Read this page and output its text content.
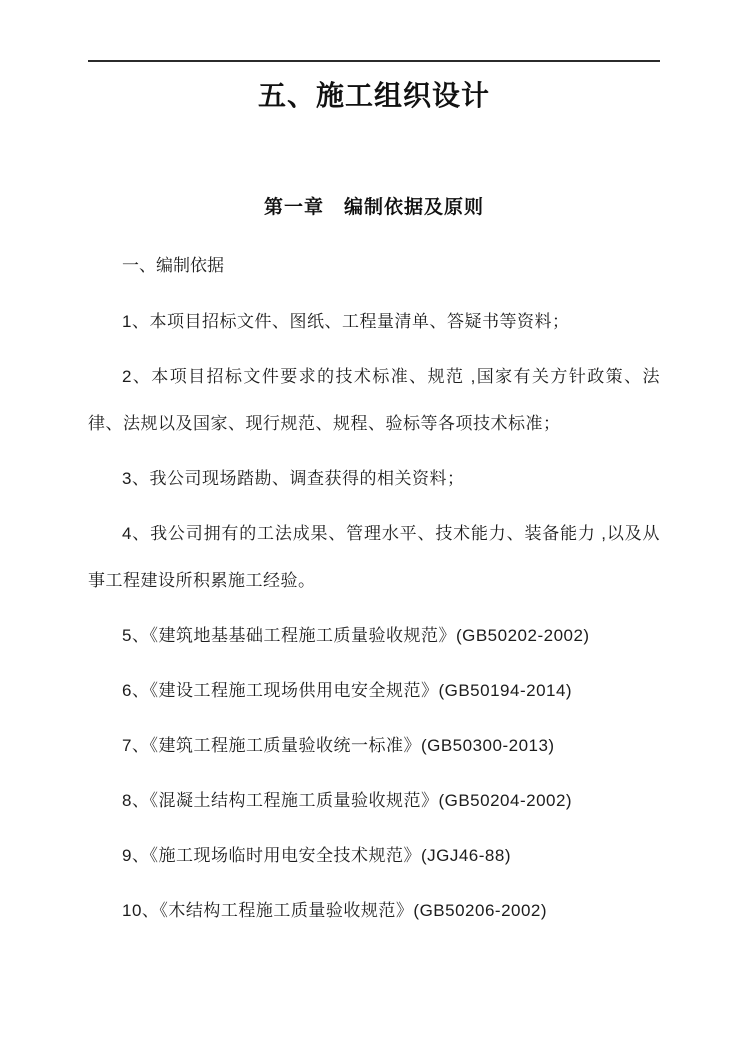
五、施工组织设计
第一章　编制依据及原则

一、编制依据

1、本项目招标文件、图纸、工程量清单、答疑书等资料；

2、本项目招标文件要求的技术标准、规范 ,国家有关方针政策、法律、法规以及国家、现行规范、规程、验标等各项技术标准；

3、我公司现场踏勘、调查获得的相关资料；

4、我公司拥有的工法成果、管理水平、技术能力、装备能力 ,以及从事工程建设所积累施工经验。

5、《建筑地基基础工程施工质量验收规范》(GB50202-2002)

6、《建设工程施工现场供用电安全规范》(GB50194-2014)

7、《建筑工程施工质量验收统一标准》(GB50300-2013)

8、《混凝土结构工程施工质量验收规范》(GB50204-2002)

9、《施工现场临时用电安全技术规范》(JGJ46-88)

10、《木结构工程施工质量验收规范》(GB50206-2002)
